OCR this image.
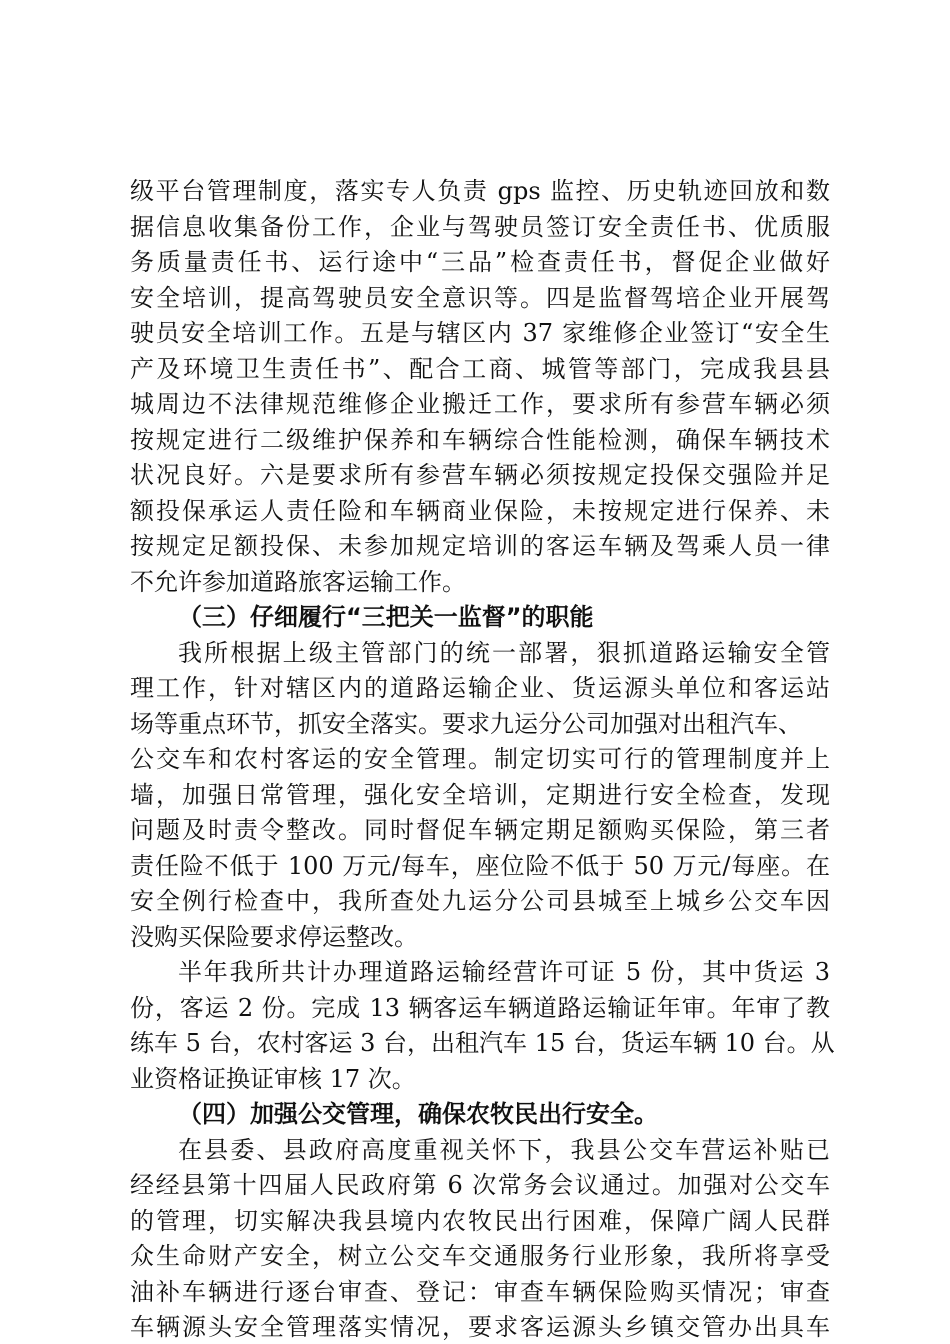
级平台管理制度，落实专人负责 gps 监控、历史轨迹回放和数
据信息收集备份工作，企业与驾驶员签订安全责任书、优质服
务质量责任书、运行途中“三品”检查责任书，督促企业做好
安全培训，提高驾驶员安全意识等。四是监督驾培企业开展驾
驶员安全培训工作。五是与辖区内 37 家维修企业签订“安全生
产及环境卫生责任书”、配合工商、城管等部门，完成我县县
城周边不法律规范维修企业搬迁工作，要求所有参营车辆必须
按规定进行二级维护保养和车辆综合性能检测，确保车辆技术
状况良好。六是要求所有参营车辆必须按规定投保交强险并足
额投保承运人责任险和车辆商业保险，未按规定进行保养、未
按规定足额投保、未参加规定培训的客运车辆及驾乘人员一律
不允许参加道路旅客运输工作。
（三）仔细履行“三把关一监督”的职能
我所根据上级主管部门的统一部署，狠抓道路运输安全管
理工作，针对辖区内的道路运输企业、货运源头单位和客运站
场等重点环节，抓安全落实。要求九运分公司加强对出租汽车、
公交车和农村客运的安全管理。制定切实可行的管理制度并上
墙，加强日常管理，强化安全培训，定期进行安全检查，发现
问题及时责令整改。同时督促车辆定期足额购买保险，第三者
责任险不低于 100 万元/每车，座位险不低于 50 万元/每座。在
安全例行检查中，我所查处九运分公司县城至上城乡公交车因
没购买保险要求停运整改。
半年我所共计办理道路运输经营许可证 5 份，其中货运 3
份，客运 2 份。完成 13 辆客运车辆道路运输证年审。年审了教
练车 5 台，农村客运 3 台，出租汽车 15 台，货运车辆 10 台。从
业资格证换证审核 17 次。
（四）加强公交管理，确保农牧民出行安全。
在县委、县政府高度重视关怀下，我县公交车营运补贴已
经经县第十四届人民政府第 6 次常务会议通过。加强对公交车
的管理，切实解决我县境内农牧民出行困难，保障广阔人民群
众生命财产安全，树立公交车交通服务行业形象，我所将享受
油补车辆进行逐台审查、登记：审查车辆保险购买情况；审查
车辆源头安全管理落实情况，要求客运源头乡镇交管办出具车
